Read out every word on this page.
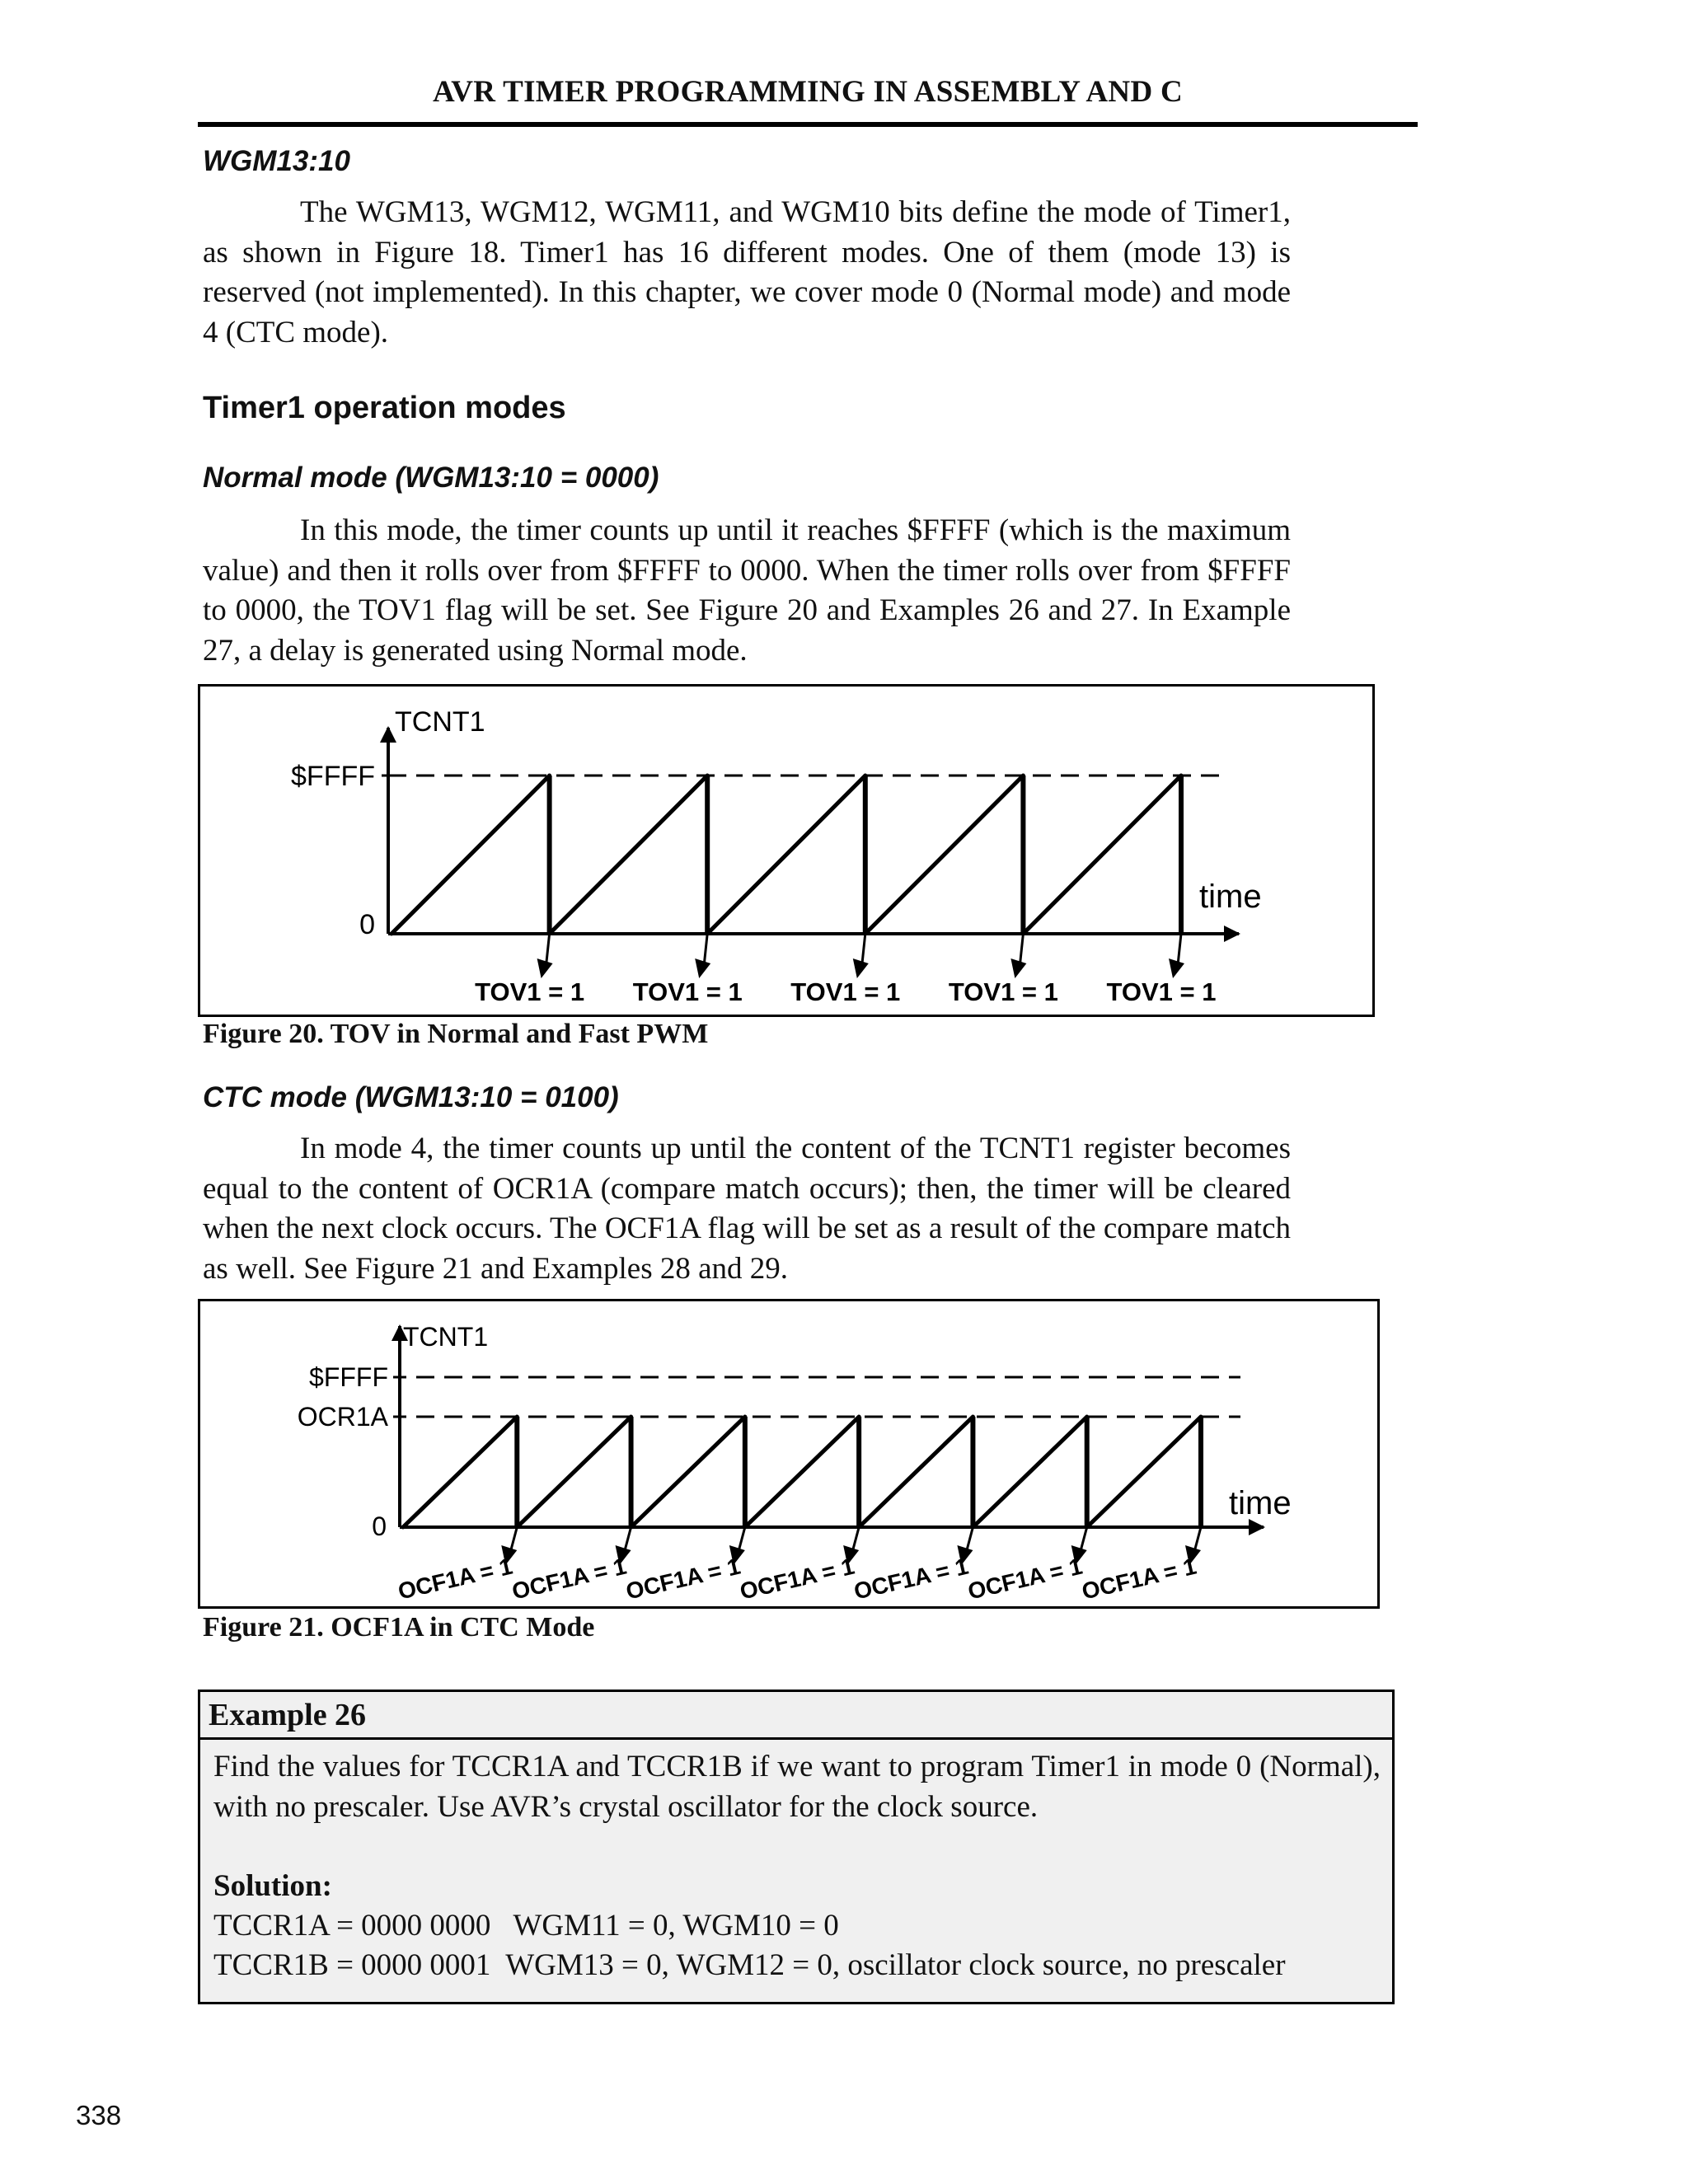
AVR TIMER PROGRAMMING IN ASSEMBLY AND C
WGM13:10

The WGM13, WGM12, WGM11, and WGM10 bits define the mode of Timer1, as shown in Figure 18. Timer1 has 16 different modes. One of them (mode 13) is reserved (not implemented). In this chapter, we cover mode 0 (Normal mode) and mode 4 (CTC mode).

Timer1 operation modes
Normal mode (WGM13:10 = 0000)

In this mode, the timer counts up until it reaches $FFFF (which is the maximum value) and then it rolls over from $FFFF to 0000. When the timer rolls over from $FFFF to 0000, the TOV1 flag will be set. See Figure 20 and Examples 26 and 27. In Example 27, a delay is generated using Normal mode.

TCNT1
$FFFF
0
time
TOV1 = 1 TOV1 = 1 TOV1 = 1 TOV1 = 1 TOV1 = 1
Figure 20. TOV in Normal and Fast PWM
CTC mode (WGM13:10 = 0100)

In mode 4, the timer counts up until the content of the TCNT1 register becomes equal to the content of OCR1A (compare match occurs); then, the timer will be cleared when the next clock occurs. The OCF1A flag will be set as a result of the compare match as well. See Figure 21 and Examples 28 and 29.

TCNT1
$FFFF
OCR1A
0
time
OCF1A = 1
OCF1A = 1
OCF1A = 1
OCF1A = 1
OCF1A = 1
OCF1A = 1
OCF1A = 1
Figure 21. OCF1A in CTC Mode
Example 26

Find the values for TCCR1A and TCCR1B if we want to program Timer1 in mode 0 (Normal), with no prescaler. Use AVR’s crystal oscillator for the clock source.

Solution:
TCCR1A = 0000 0000   WGM11 = 0, WGM10 = 0
TCCR1B = 0000 0001  WGM13 = 0, WGM12 = 0, oscillator clock source, no prescaler
338
